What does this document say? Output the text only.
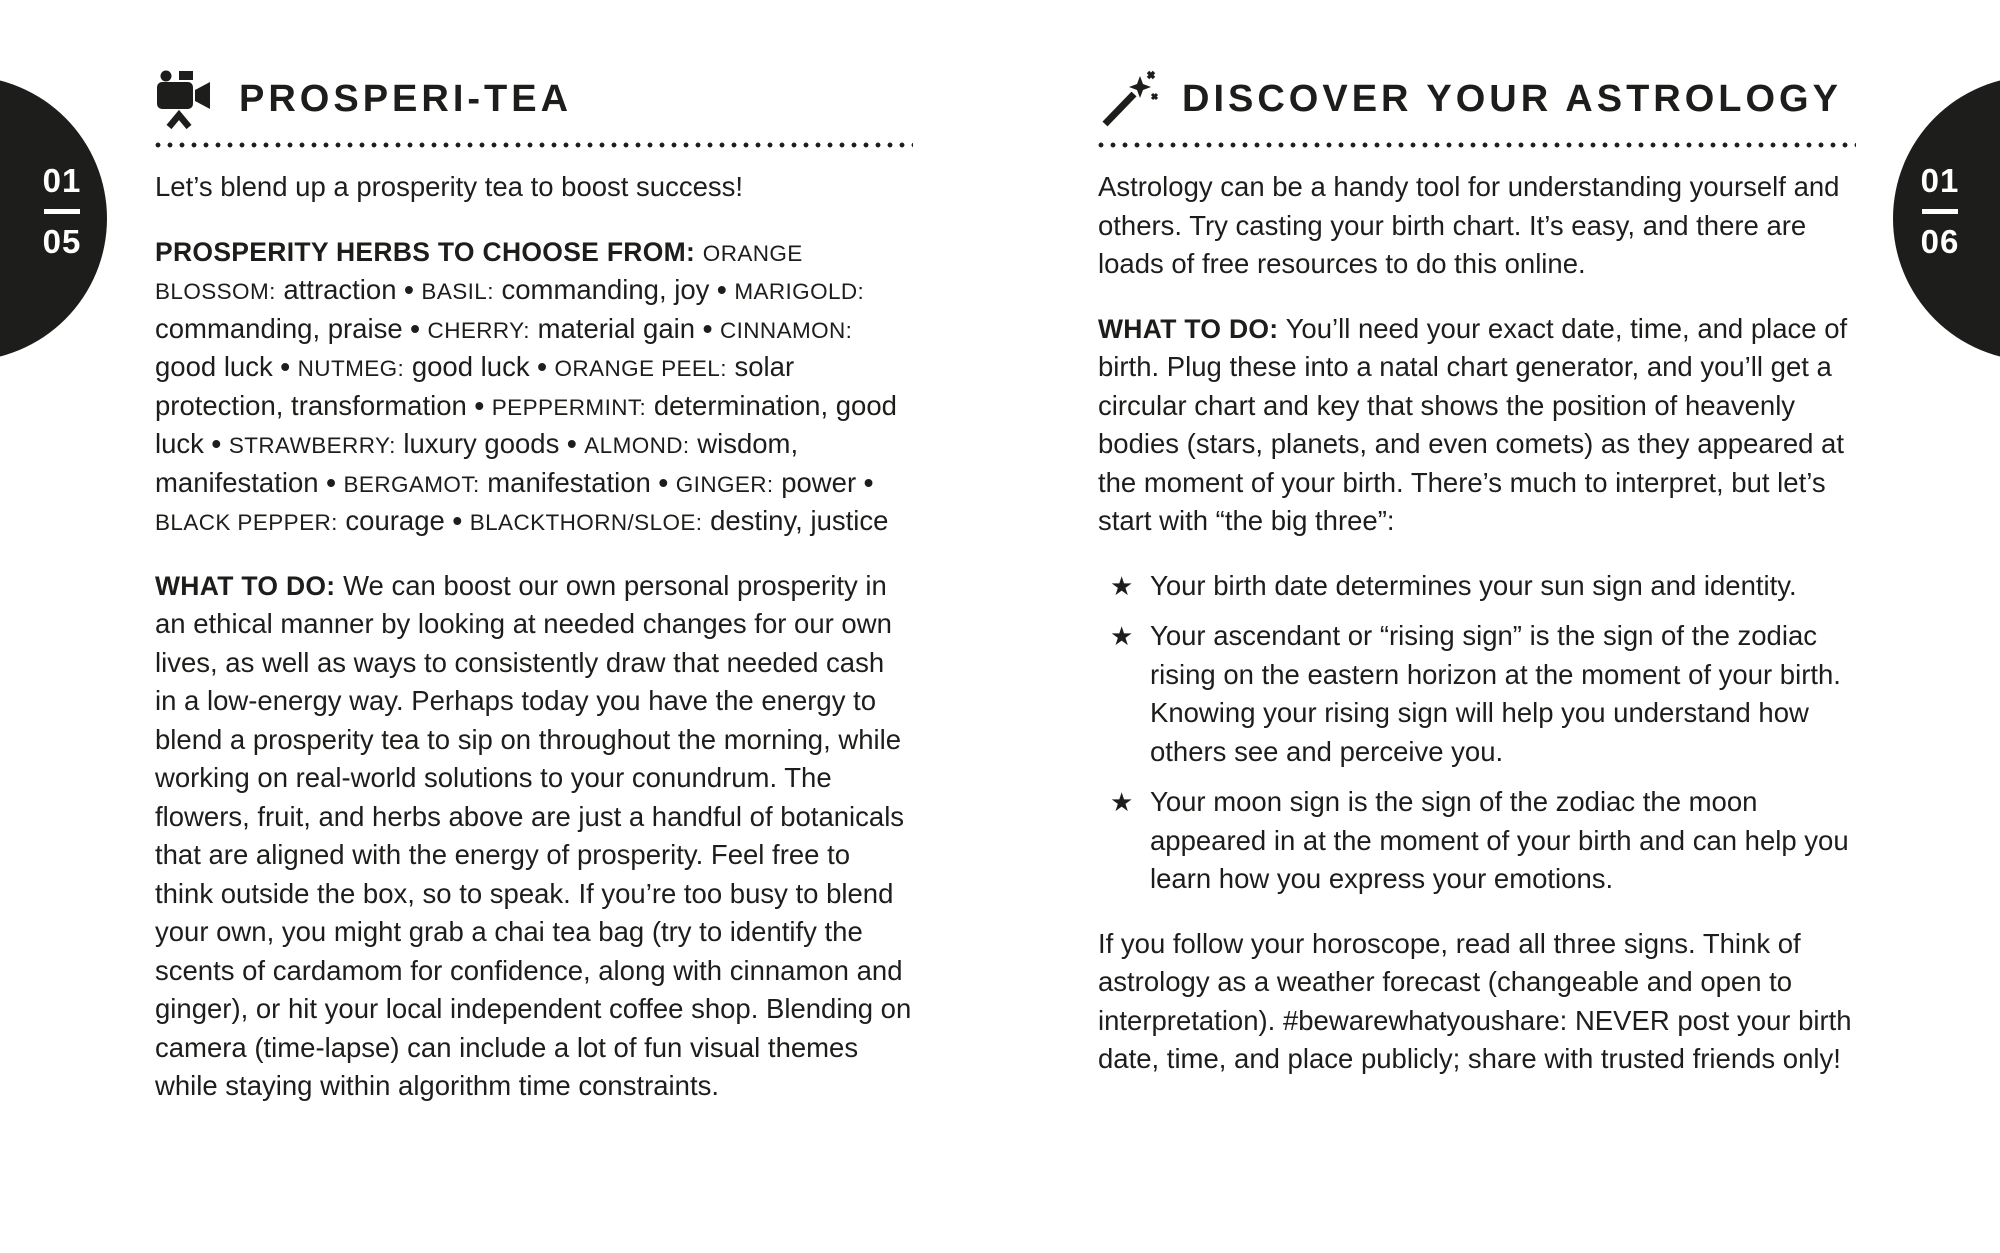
01
05
01
06
PROSPERI-TEA

Let’s blend up a prosperity tea to boost success!

PROSPERITY HERBS TO CHOOSE FROM: ORANGE BLOSSOM: attraction • BASIL: commanding, joy • MARIGOLD: commanding, praise • CHERRY: material gain • CINNAMON: good luck • NUTMEG: good luck • ORANGE PEEL: solar protection, transformation • PEPPERMINT: determination, good luck • STRAWBERRY: luxury goods • ALMOND: wisdom, manifestation • BERGAMOT: manifestation • GINGER: power • BLACK PEPPER: courage • BLACKTHORN/SLOE: destiny, justice

WHAT TO DO: We can boost our own personal prosperity in an ethical manner by looking at needed changes for our own lives, as well as ways to consistently draw that needed cash in a low-energy way. Perhaps today you have the energy to blend a prosperity tea to sip on throughout the morning, while working on real-world solutions to your conundrum. The flowers, fruit, and herbs above are just a handful of botanicals that are aligned with the energy of prosperity. Feel free to think outside the box, so to speak. If you’re too busy to blend your own, you might grab a chai tea bag (try to identify the scents of cardamom for confidence, along with cinnamon and ginger), or hit your local independent coffee shop. Blending on camera (time-lapse) can include a lot of fun visual themes while staying within algorithm time constraints.

DISCOVER YOUR ASTROLOGY

Astrology can be a handy tool for understanding yourself and others. Try casting your birth chart. It’s easy, and there are loads of free resources to do this online.

WHAT TO DO: You’ll need your exact date, time, and place of birth. Plug these into a natal chart generator, and you’ll get a circular chart and key that shows the position of heavenly bodies (stars, planets, and even comets) as they appeared at the moment of your birth. There’s much to interpret, but let’s start with “the big three”:

★ Your birth date determines your sun sign and identity.
★ Your ascendant or “rising sign” is the sign of the zodiac rising on the eastern horizon at the moment of your birth. Knowing your rising sign will help you understand how others see and perceive you.
★ Your moon sign is the sign of the zodiac the moon appeared in at the moment of your birth and can help you learn how you express your emotions.

If you follow your horoscope, read all three signs. Think of astrology as a weather forecast (changeable and open to interpretation). #bewarewhatyoushare: NEVER post your birth date, time, and place publicly; share with trusted friends only!
